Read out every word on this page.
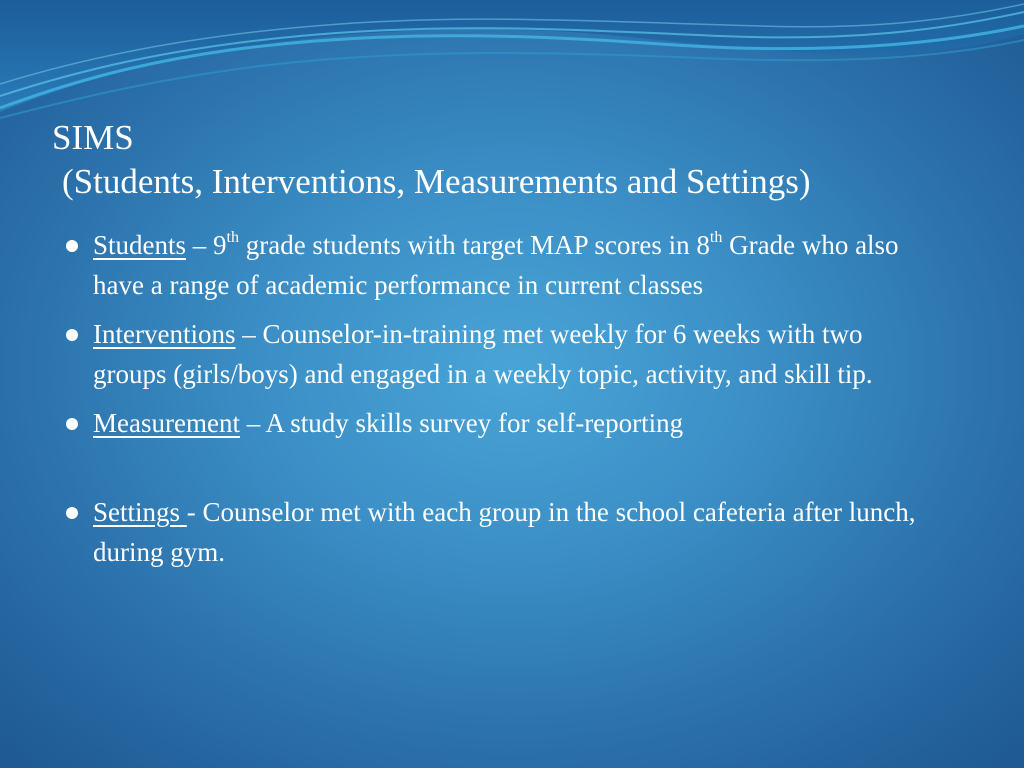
SIMS
(Students, Interventions, Measurements and Settings)
Students – 9th grade students with target MAP scores in 8th Grade who also have a range of academic performance in current classes
Interventions – Counselor-in-training met weekly for 6 weeks with two groups (girls/boys) and engaged in a weekly topic, activity, and skill tip.
Measurement – A study skills survey for self-reporting
Settings - Counselor met with each group in the school cafeteria after lunch, during gym.
